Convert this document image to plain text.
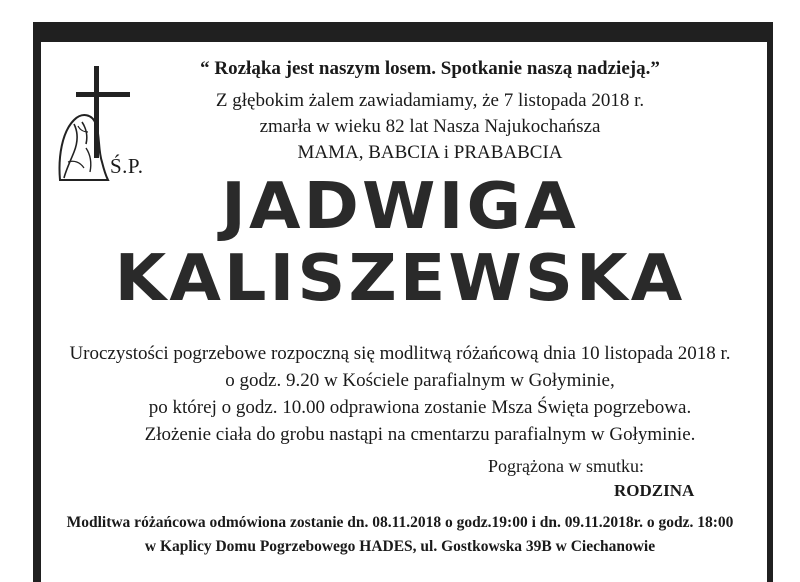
Ś.P.
“ Rozłąka jest naszym losem. Spotkanie naszą nadzieją.”
Z głębokim żalem zawiadamiamy, że 7 listopada 2018 r.
zmarła w wieku 82 lat Nasza Najukochańsza
MAMA, BABCIA i PRABABCIA
JADWIGA
KALISZEWSKA
Uroczystości pogrzebowe rozpoczną się modlitwą różańcową dnia 10 listopada 2018 r.
o godz. 9.20 w Kościele parafialnym w Gołyminie,
po której o godz. 10.00 odprawiona zostanie Msza Święta pogrzebowa.
Złożenie ciała do grobu nastąpi na cmentarzu parafialnym w Gołyminie.
Pogrążona w smutku:
RODZINA
Modlitwa różańcowa odmówiona zostanie dn. 08.11.2018 o godz.19:00 i dn. 09.11.2018r. o godz. 18:00
w Kaplicy Domu Pogrzebowego HADES, ul. Gostkowska 39B w Ciechanowie
